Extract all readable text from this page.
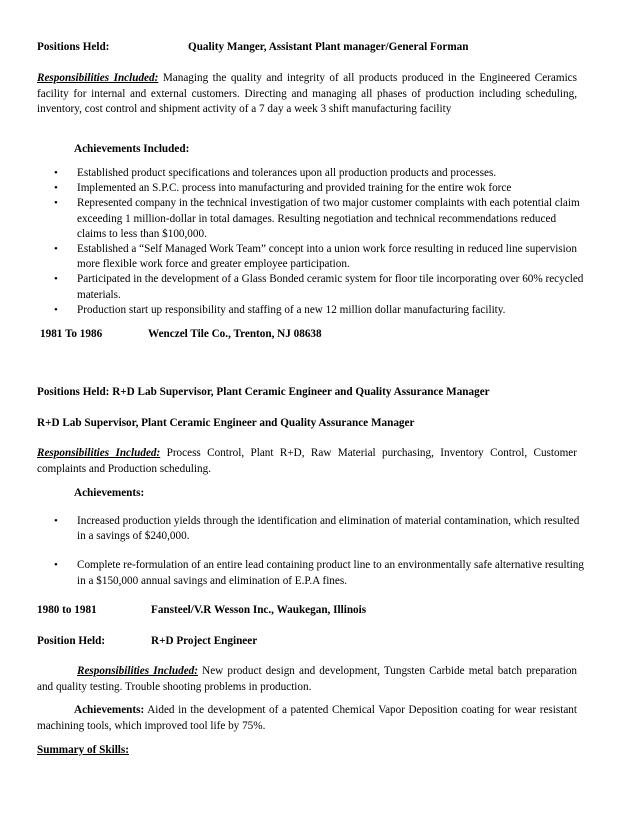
Positions Held:	Quality Manger, Assistant Plant manager/General Forman
Responsibilities Included: Managing the quality and integrity of all products produced in the Engineered Ceramics facility for internal and external customers. Directing and managing all phases of production including scheduling, inventory, cost control and shipment activity of a 7 day a week 3 shift manufacturing facility
Achievements Included:
• Established product specifications and tolerances upon all production products and processes.
• Implemented an S.P.C. process into manufacturing and provided training for the entire wok force
• Represented company in the technical investigation of two major customer complaints with each potential claim exceeding 1 million-dollar in total damages. Resulting negotiation and technical recommendations reduced claims to less than $100,000.
• Established a “Self Managed Work Team” concept into a union work force resulting in reduced line supervision more flexible work force and greater employee participation.
• Participated in the development of a Glass Bonded ceramic system for floor tile incorporating over 60% recycled materials.
• Production start up responsibility and staffing of a new 12 million dollar manufacturing facility.
1981 To 1986	Wenczel Tile Co., Trenton, NJ 08638
Positions Held: R+D Lab Supervisor, Plant Ceramic Engineer and Quality Assurance Manager
R+D Lab Supervisor, Plant Ceramic Engineer and Quality Assurance Manager
Responsibilities Included: Process Control, Plant R+D, Raw Material purchasing, Inventory Control, Customer complaints and Production scheduling.
Achievements:
• Increased production yields through the identification and elimination of material contamination, which resulted in a savings of $240,000.
• Complete re-formulation of an entire lead containing product line to an environmentally safe alternative resulting in a $150,000 annual savings and elimination of E.P.A fines.
1980 to 1981	Fansteel/V.R Wesson Inc., Waukegan, Illinois
Position Held:	R+D Project Engineer
Responsibilities Included: New product design and development, Tungsten Carbide metal batch preparation and quality testing. Trouble shooting problems in production.
Achievements: Aided in the development of a patented Chemical Vapor Deposition coating for wear resistant machining tools, which improved tool life by 75%.
Summary of Skills:
